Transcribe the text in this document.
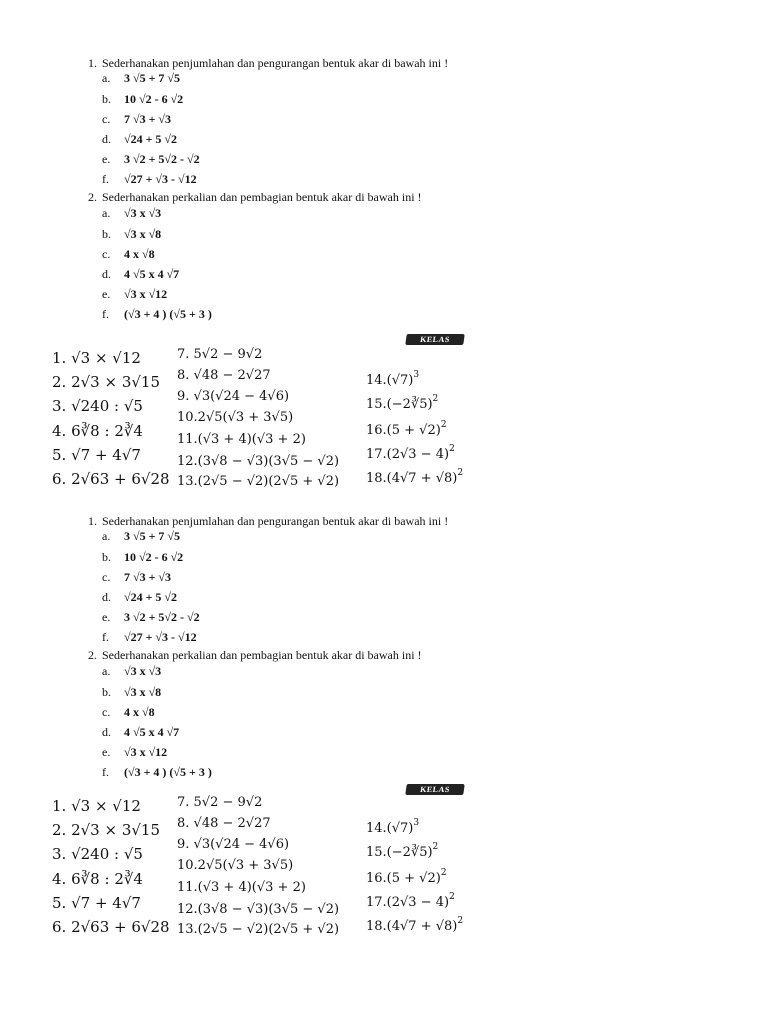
1. Sederhanakan penjumlahan dan pengurangan bentuk akar di bawah ini !
a. 3 √5 + 7 √5
b. 10 √2 - 6 √2
c. 7 √3 + √3
d. √24 + 5 √2
e. 3 √2 + 5√2 - √2
f. √27 + √3 - √12
2. Sederhanakan perkalian dan pembagian bentuk akar di bawah ini !
a. √3 x √3
b. √3 x √8
c. 4 x √8
d. 4 √5 x 4 √7
e. √3 x √12
f. (√3 + 4 ) (√5 + 3 )
KELAS ONLINE
1. √3 × √12
2. 2√3 × 3√15
3. √240 : √5
4. 6∛8 : 2∛4
5. √7 + 4√7
6. 2√63 + 6√28
7. 5√2 − 9√2
8. √48 − 2√27
9. √3(√24 − 4√6)
10.2√5(√3 + 3√5)
11.(√3 + 4)(√3 + 2)
12.(3√8 − √3)(3√5 − √2)
13.(2√5 − √2)(2√5 + √2)
$14.(√7)^3$
15.(−2∛5)$^2$
$16.(5 + √2)^2$
$17.(2√3 - 4)^2$
$18.(4√7 + √8)^2$
1. Sederhanakan penjumlahan dan pengurangan bentuk akar di bawah ini !
a. 3 √5 + 7 √5
b. 10 √2 - 6 √2
c. 7 √3 + √3
d. √24 + 5 √2
e. 3 √2 + 5√2 - √2
f. √27 + √3 - √12
2. Sederhanakan perkalian dan pembagian bentuk akar di bawah ini !
a. √3 x √3
b. √3 x √8
c. 4 x √8
d. 4 √5 x 4 √7
e. √3 x √12
f. (√3 + 4 ) (√5 + 3 )
KELAS ONLINE
1. √3 × √12
2. 2√3 × 3√15
3. √240 : √5
4. 6∛8 : 2∛4
5. √7 + 4√7
6. 2√63 + 6√28
7. 5√2 − 9√2
8. √48 − 2√27
9. √3(√24 − 4√6)
10.2√5(√3 + 3√5)
11.(√3 + 4)(√3 + 2)
12.(3√8 − √3)(3√5 − √2)
13.(2√5 − √2)(2√5 + √2)
$14.(√7)^3$
15.(−2∛5)$^2$
$16.(5 + √2)^2$
$17.(2√3 - 4)^2$
$18.(4√7 + √8)^2$
